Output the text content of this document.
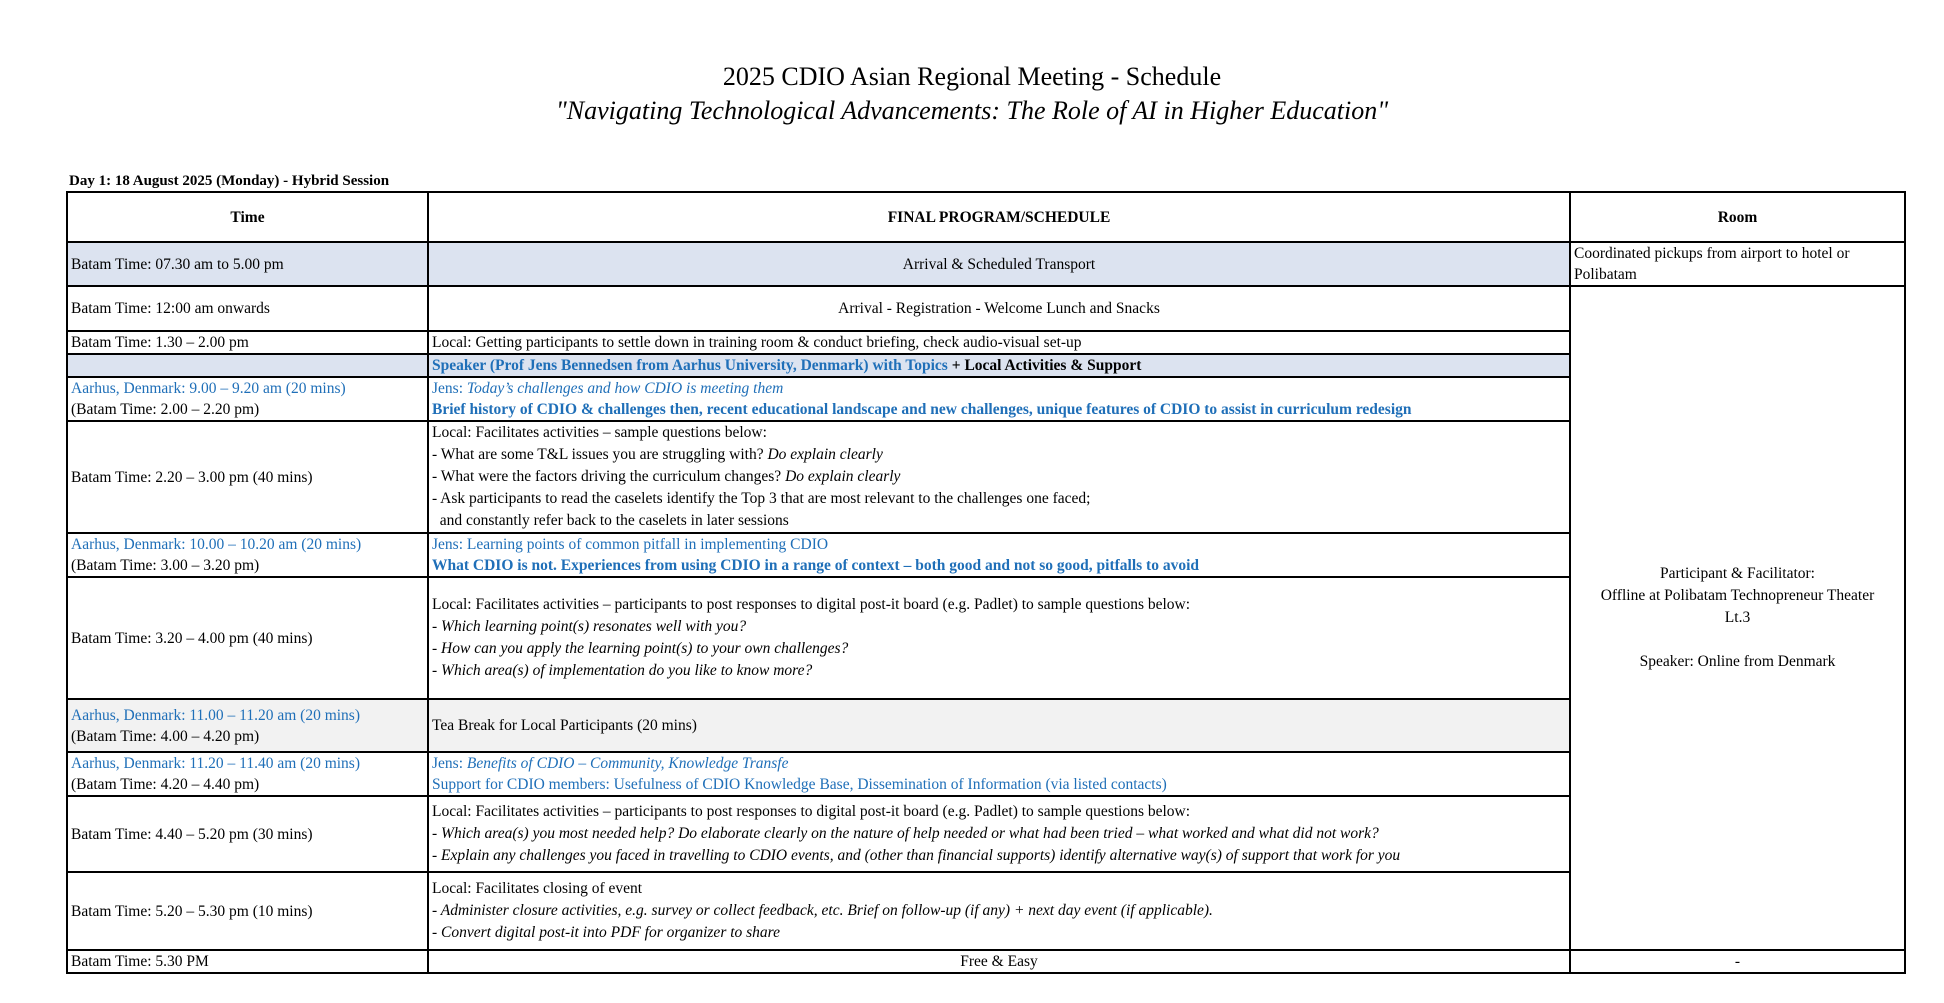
2025 CDIO Asian Regional Meeting - Schedule
"Navigating Technological Advancements: The Role of AI in Higher Education"
Day 1: 18 August 2025 (Monday) - Hybrid Session
Time	FINAL PROGRAM/SCHEDULE	Room
Batam Time: 07.30 am to 5.00 pm	Arrival & Scheduled Transport	Coordinated pickups from airport to hotel or Polibatam
Batam Time: 12:00 am onwards	Arrival - Registration - Welcome Lunch and Snacks	Participant & Facilitator:
Offline at Polibatam Technopreneur Theater
Lt.3

Speaker: Online from Denmark

Batam Time: 1.30 – 2.00 pm	Local: Getting participants to settle down in training room & conduct briefing, check audio-visual set-up	
	Speaker (Prof Jens Bennedsen from Aarhus University, Denmark) with Topics + Local Activities & Support	

Aarhus, Denmark: 9.00 – 9.20 am (20 mins)
(Batam Time: 2.00 – 2.20 pm)	Jens: Today’s challenges and how CDIO is meeting them
Brief history of CDIO & challenges then, recent educational landscape and new challenges, unique features of CDIO to assist in curriculum redesign	

Batam Time: 2.20 – 3.00 pm (40 mins)	Local: Facilitates activities – sample questions below:
- What are some T&L issues you are struggling with? Do explain clearly
- What were the factors driving the curriculum changes? Do explain clearly
- Ask participants to read the caselets identify the Top 3 that are most relevant to the challenges one faced;
and constantly refer back to the caselets in later sessions	

Aarhus, Denmark: 10.00 – 10.20 am (20 mins)
(Batam Time: 3.00 – 3.20 pm)	Jens: Learning points of common pitfall in implementing CDIO
What CDIO is not. Experiences from using CDIO in a range of context – both good and not so good, pitfalls to avoid	

Batam Time: 3.20 – 4.00 pm (40 mins)	Local: Facilitates activities – participants to post responses to digital post-it board (e.g. Padlet) to sample questions below:
- Which learning point(s) resonates well with you?
- How can you apply the learning point(s) to your own challenges?
- Which area(s) of implementation do you like to know more?	

Aarhus, Denmark: 11.00 – 11.20 am (20 mins)
(Batam Time: 4.00 – 4.20 pm)	Tea Break for Local Participants (20 mins)	

Aarhus, Denmark: 11.20 – 11.40 am (20 mins)
(Batam Time: 4.20 – 4.40 pm)	Jens: Benefits of CDIO – Community, Knowledge Transfe
Support for CDIO members: Usefulness of CDIO Knowledge Base, Dissemination of Information (via listed contacts)	

Batam Time: 4.40 – 5.20 pm (30 mins)	Local: Facilitates activities – participants to post responses to digital post-it board (e.g. Padlet) to sample questions below:
- Which area(s) you most needed help? Do elaborate clearly on the nature of help needed or what had been tried – what worked and what did not work?
- Explain any challenges you faced in travelling to CDIO events, and (other than financial supports) identify alternative way(s) of support that work for you	

Batam Time: 5.20 – 5.30 pm (10 mins)	Local: Facilitates closing of event
- Administer closure activities, e.g. survey or collect feedback, etc. Brief on follow-up (if any) + next day event (if applicable).
- Convert digital post-it into PDF for organizer to share	

Batam Time: 5.30 PM	Free & Easy	-
